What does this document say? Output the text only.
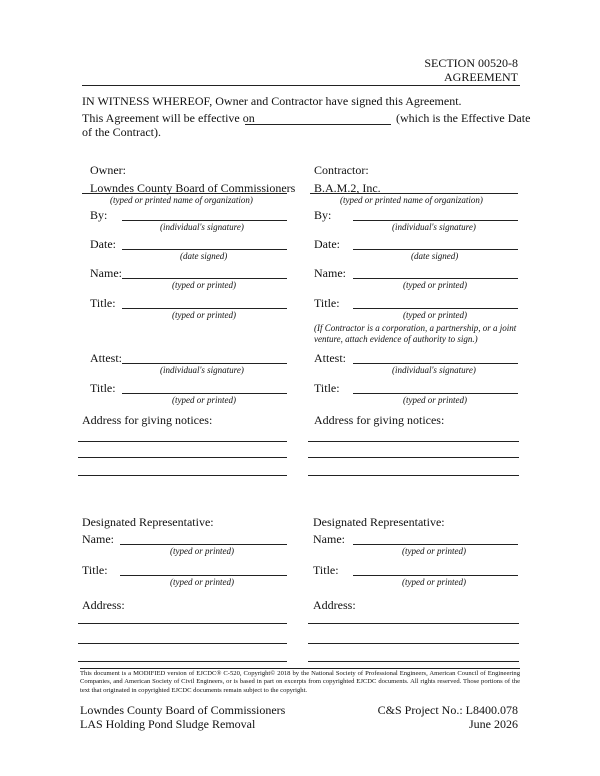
SECTION 00520-8
AGREEMENT
IN WITNESS WHEREOF, Owner and Contractor have signed this Agreement.
This Agreement will be effective on	(which is the Effective Date
of the Contract).
Owner:
Lowndes County Board of Commissioners
(typed or printed name of organization)
By:
(individual's signature)
Date:
(date signed)
Name:
(typed or printed)
Title:
(typed or printed)
Attest:
(individual's signature)
Title:
(typed or printed)
Address for giving notices:
Contractor:
B.A.M.2, Inc.
(typed or printed name of organization)
By:
(individual's signature)
Date:
(date signed)
Name:
(typed or printed)
Title:
(typed or printed)
(If Contractor is a corporation, a partnership, or a joint venture, attach evidence of authority to sign.)
Attest:
(individual's signature)
Title:
(typed or printed)
Address for giving notices:
Designated Representative:
Name:
(typed or printed)
Title:
(typed or printed)
Address:
Designated Representative:
Name:
(typed or printed)
Title:
(typed or printed)
Address:
This document is a MODIFIED version of EJCDC® C-520, Copyright© 2018 by the National Society of Professional Engineers, American Council of Engineering Companies, and American Society of Civil Engineers, or is based in part on excerpts from copyrighted EJCDC documents. All rights reserved. Those portions of the text that originated in copyrighted EJCDC documents remain subject to the copyright.
Lowndes County Board of Commissioners
LAS Holding Pond Sludge Removal
C&S Project No.: L8400.078
June 2026
